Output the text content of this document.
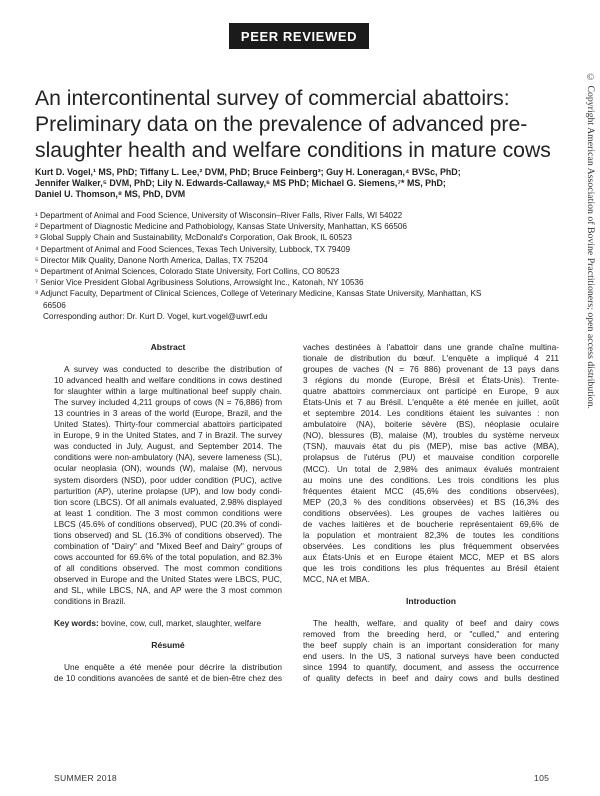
PEER REVIEWED
© Copyright American Association of Bovine Practitioners; open access distribution.
An intercontinental survey of commercial abattoirs:
Preliminary data on the prevalence of advanced pre-
slaughter health and welfare conditions in mature cows
Kurt D. Vogel,¹ MS, PhD; Tiffany L. Lee,² DVM, PhD; Bruce Feinberg³; Guy H. Loneragan,⁴ BVSc, PhD;
Jennifer Walker,⁵ DVM, PhD; Lily N. Edwards-Callaway,⁶ MS PhD; Michael G. Siemens,⁷* MS, PhD;
Daniel U. Thomson,⁸ MS, PhD, DVM
¹ Department of Animal and Food Science, University of Wisconsin–River Falls, River Falls, WI 54022
² Department of Diagnostic Medicine and Pathobiology, Kansas State University, Manhattan, KS 66506
³ Global Supply Chain and Sustainability, McDonald's Corporation, Oak Brook, IL 60523
⁴ Department of Animal and Food Sciences, Texas Tech University, Lubbock, TX 79409
⁵ Director Milk Quality, Danone North America, Dallas, TX 75204
⁶ Department of Animal Sciences, Colorado State University, Fort Collins, CO 80523
⁷ Senior Vice President Global Agribusiness Solutions, Arrowsight Inc., Katonah, NY 10536
⁸ Adjunct Faculty, Department of Clinical Sciences, College of Veterinary Medicine, Kansas State University, Manhattan, KS
66506
Corresponding author: Dr. Kurt D. Vogel, kurt.vogel@uwrf.edu
Abstract
A survey was conducted to describe the distribution of
10 advanced health and welfare conditions in cows destined
for slaughter within a large multinational beef supply chain.
The survey included 4,211 groups of cows (N = 76,886) from
13 countries in 3 areas of the world (Europe, Brazil, and the
United States). Thirty-four commercial abattoirs participated
in Europe, 9 in the United States, and 7 in Brazil. The survey
was conducted in July, August, and September 2014. The
conditions were non-ambulatory (NA), severe lameness (SL),
ocular neoplasia (ON), wounds (W), malaise (M), nervous
system disorders (NSD), poor udder condition (PUC), active
parturition (AP), uterine prolapse (UP), and low body condi-
tion score (LBCS). Of all animals evaluated, 2.98% displayed
at least 1 condition. The 3 most common conditions were
LBCS (45.6% of conditions observed), PUC (20.3% of condi-
tions observed) and SL (16.3% of conditions observed). The
combination of "Dairy" and "Mixed Beef and Dairy" groups of
cows accounted for 69.6% of the total population, and 82.3%
of all conditions observed. The most common conditions
observed in Europe and the United States were LBCS, PUC,
and SL, while LBCS, NA, and AP were the 3 most common
conditions in Brazil.
Key words: bovine, cow, cull, market, slaughter, welfare
Résumé
Une enquête a été menée pour décrire la distribution
de 10 conditions avancées de santé et de bien-être chez des
vaches destinées à l'abattoir dans une grande chaîne multina-
tionale de distribution du bœuf. L'enquête a impliqué 4 211
groupes de vaches (N = 76 886) provenant de 13 pays dans
3 régions du monde (Europe, Brésil et États-Unis). Trente-
quatre abattoirs commerciaux ont participé en Europe, 9 aux
États-Unis et 7 au Brésil. L'enquête a été menée en juillet, août
et septembre 2014. Les conditions étaient les suivantes : non
ambulatoire (NA), boiterie sévère (BS), néoplasie oculaire
(NO), blessures (B), malaise (M), troubles du système nerveux
(TSN), mauvais état du pis (MEP), mise bas active (MBA),
prolapsus de l'utérus (PU) et mauvaise condition corporelle
(MCC). Un total de 2,98% des animaux évalués montraient
au moins une des conditions. Les trois conditions les plus
fréquentes étaient MCC (45,6% des conditions observées),
MEP (20,3 % des conditions observées) et BS (16,3% des
conditions observées). Les groupes de vaches laitières ou
de vaches laitières et de boucherie représentaient 69,6% de
la population et montraient 82,3% de toutes les conditions
observées. Les conditions les plus fréquemment observées
aux États-Unis et en Europe étaient MCC, MEP et BS alors
que les trois conditions les plus fréquentes au Brésil étaient
MCC, NA et MBA.
Introduction
The health, welfare, and quality of beef and dairy cows
removed from the breeding herd, or "culled," and entering
the beef supply chain is an important consideration for many
end users. In the US, 3 national surveys have been conducted
since 1994 to quantify, document, and assess the occurrence
of quality defects in beef and dairy cows and bulls destined
SUMMER 2018	105
